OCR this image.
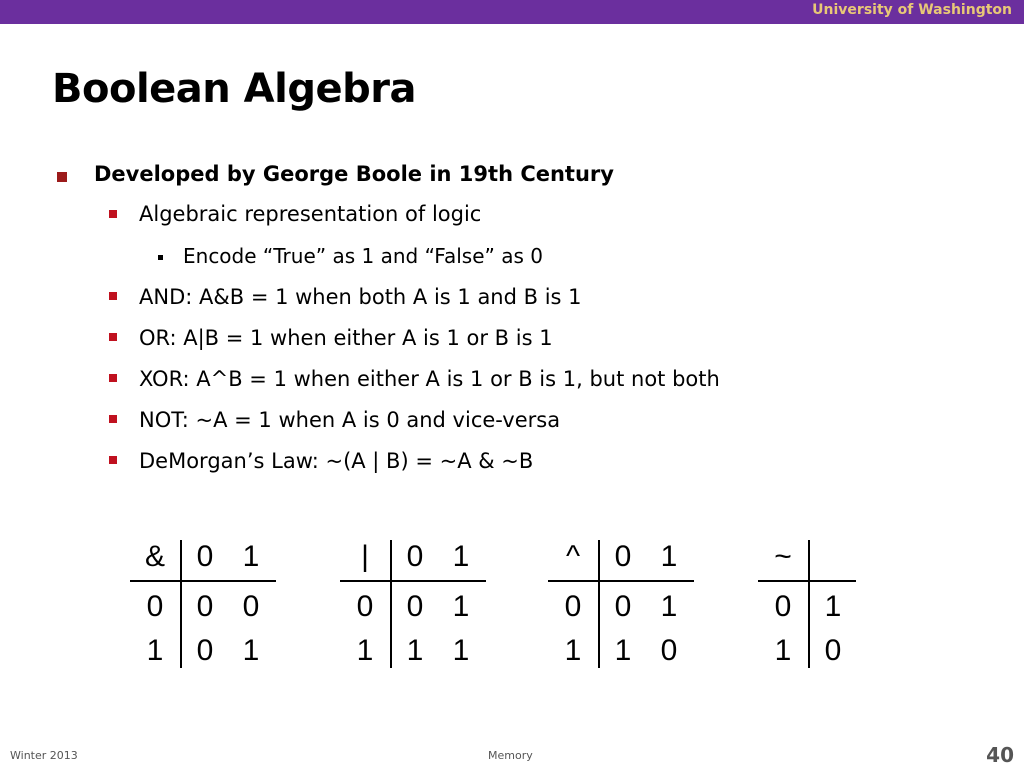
University of Washington
Boolean Algebra
Developed by George Boole in 19th Century
Algebraic representation of logic
Encode “True” as 1 and “False” as 0
AND: A&B = 1 when both A is 1 and B is 1
OR: A|B = 1 when either A is 1 or B is 1
XOR: A^B = 1 when either A is 1 or B is 1, but not both
NOT: ~A = 1 when A is 0 and vice-versa
DeMorgan’s Law: ~(A | B) = ~A & ~B
& 0 1
0 0 0
1 0 1
|	0 1
0 0 1
1 1 1
^ 0 1
0 0 1
1 1 0
~
0 1
1 0
Winter 2013	Memory	40
